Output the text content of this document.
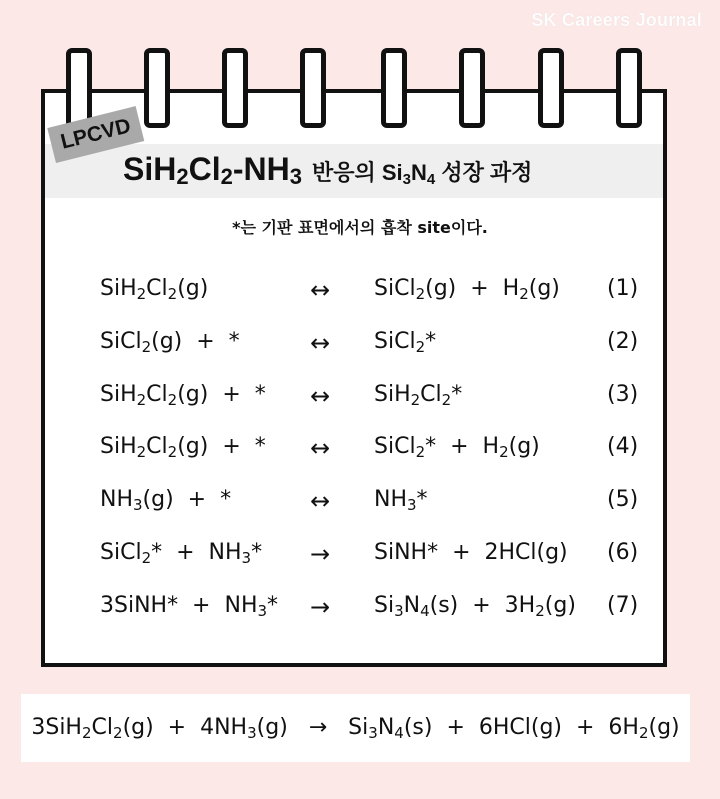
SK Careers Journal
LPCVD
$SiH_2Cl_2-NH_3$ 반응의 $Si_3N_4$ 성장 과정
*는 기판 표면에서의 흡착 site이다.
$SiH_2Cl_2(g)$	↔ SiCl$_2$(g)  +  $H_2(g)$ (1)
SiCl$_2$(g)  +  *	↔ SiCl$_2$*	(2)
$SiH_2Cl_2(g)$  +  * ↔ $SiH_2Cl_2*$	(3)
$SiH_2Cl_2(g)$  +  * ↔ SiCl$_2$*  +  $H_2(g)$	(4)
$NH_3(g)$  +  *	↔ $NH_3*$	(5)
SiCl$_2$*  +  $NH_3*$ → SiNH*  +  2HCl(g) (6)
3SiNH*  +  $NH_3* \to Si_3N_4(s) + 3H_2(g)$ (7)
$3SiH_2Cl_2(g) + 4NH_3(g) \to Si_3N_4(s) + 6HCl(g) + 6H_2(g)$
